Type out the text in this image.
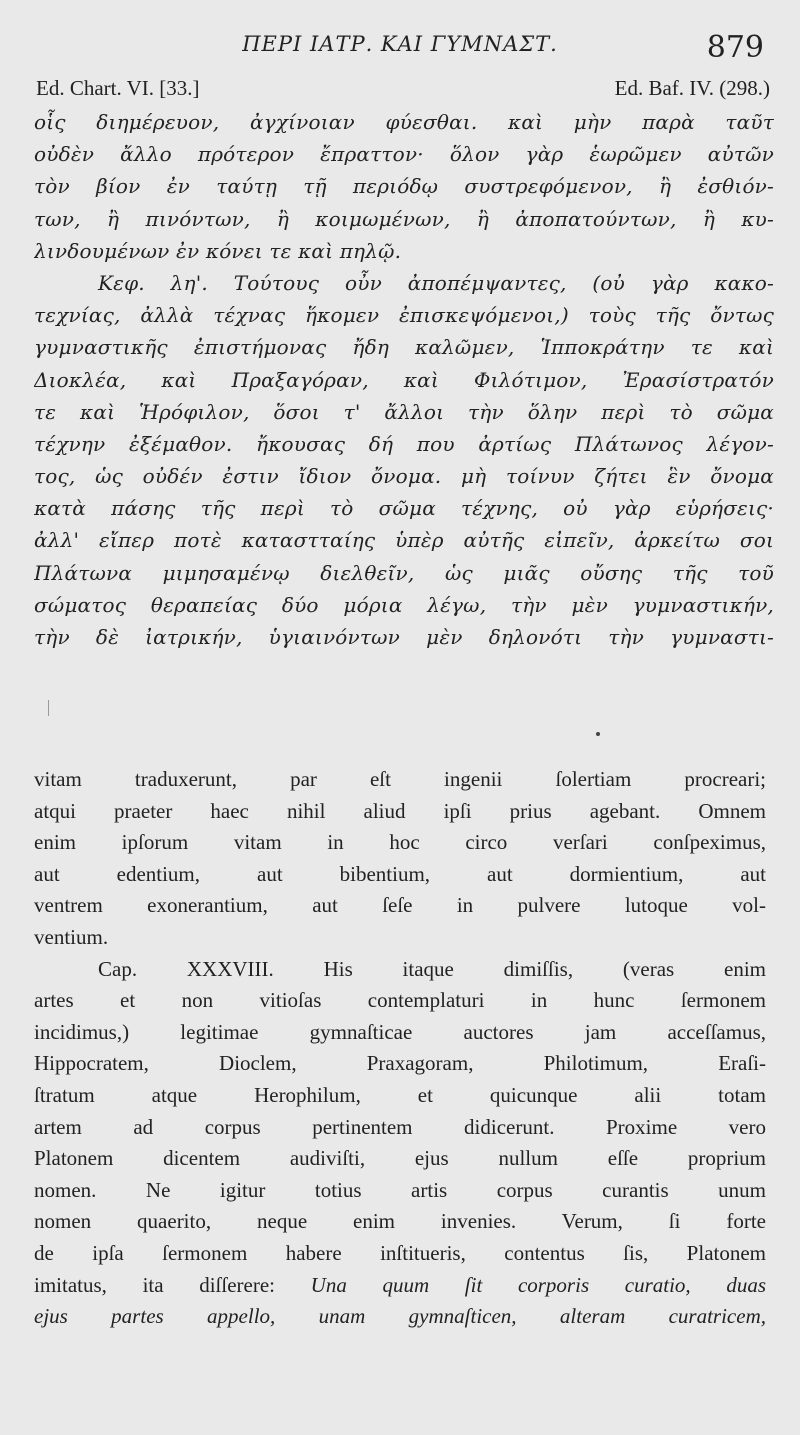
ΠΕΡΙ ΙΑΤΡ. ΚΑΙ ΓΥΜΝΑΣΤ.	879
Ed. Chart. VI. [33.]	Ed. Baf. IV. (298.)
οἷς διημέρευον, ἀγχίνοιαν φύεσθαι. καὶ μὴν παρὰ ταῦτ
οὐδὲν ἄλλο πρότερον ἔπραττον· ὅλον γὰρ ἑωρῶμεν αὐτῶν
τὸν βίον ἐν ταύτῃ τῇ περιόδῳ συστρεφόμενον, ἢ ἐσθιόν-
των, ἢ πινόντων, ἢ κοιμωμένων, ἢ ἀποπατούντων, ἢ κυ-
λινδουμένων ἐν κόνει τε καὶ πηλῷ.
Κεφ. λη'. Τούτους οὖν ἀποπέμψαντες, (οὐ γὰρ κακο-
τεχνίας, ἀλλὰ τέχνας ἥκομεν ἐπισκεψόμενοι,) τοὺς τῆς ὄντως
γυμναστικῆς ἐπιστήμονας ἤδη καλῶμεν, Ἱπποκράτην τε καὶ
Διοκλέα, καὶ Πραξαγόραν, καὶ Φιλότιμον, Ἐρασίστρατόν
τε καὶ Ἡρόφιλον, ὅσοι τ' ἄλλοι τὴν ὅλην περὶ τὸ σῶμα
τέχνην ἐξέμαθον. ἤκουσας δή που ἀρτίως Πλάτωνος λέγον-
τος, ὡς οὐδέν ἐστιν ἴδιον ὄνομα. μὴ τοίνυν ζήτει ἓν ὄνομα
κατὰ πάσης τῆς περὶ τὸ σῶμα τέχνης, οὐ γὰρ εὑρήσεις·
ἀλλ' εἴπερ ποτὲ καταστταίης ὑπὲρ αὐτῆς εἰπεῖν, ἀρκείτω σοι
Πλάτωνα μιμησαμένῳ διελθεῖν, ὡς μιᾶς οὔσης τῆς τοῦ
σώματος θεραπείας δύο μόρια λέγω, τὴν μὲν γυμναστικήν,
τὴν δὲ ἰατρικήν, ὑγιαινόντων μὲν δηλονότι τὴν γυμναστι-
vitam traduxerunt, par eſt ingenii ſolertiam procreari;
atqui praeter haec nihil aliud ipſi prius agebant. Omnem
enim ipſorum vitam in hoc circo verſari conſpeximus,
aut edentium, aut bibentium, aut dormientium, aut
ventrem exonerantium, aut ſeſe in pulvere lutoque vol-
ventium.
Cap. XXXVIII. His itaque dimiſſis, (veras enim
artes et non vitioſas contemplaturi in hunc ſermonem
incidimus,) legitimae gymnaſticae auctores jam acceſſamus,
Hippocratem, Dioclem, Praxagoram, Philotimum, Eraſi-
ſtratum atque Herophilum, et quicunque alii totam
artem ad corpus pertinentem didicerunt. Proxime vero
Platonem dicentem audiviſti, ejus nullum eſſe proprium
nomen. Ne igitur totius artis corpus curantis unum
nomen quaerito, neque enim invenies. Verum, ſi forte
de ipſa ſermonem habere inſtitueris, contentus ſis, Platonem
imitatus, ita diſſerere: Una quum ſit corporis curatio, duas
ejus partes appello, unam gymnaſticen, alteram curatricem,
